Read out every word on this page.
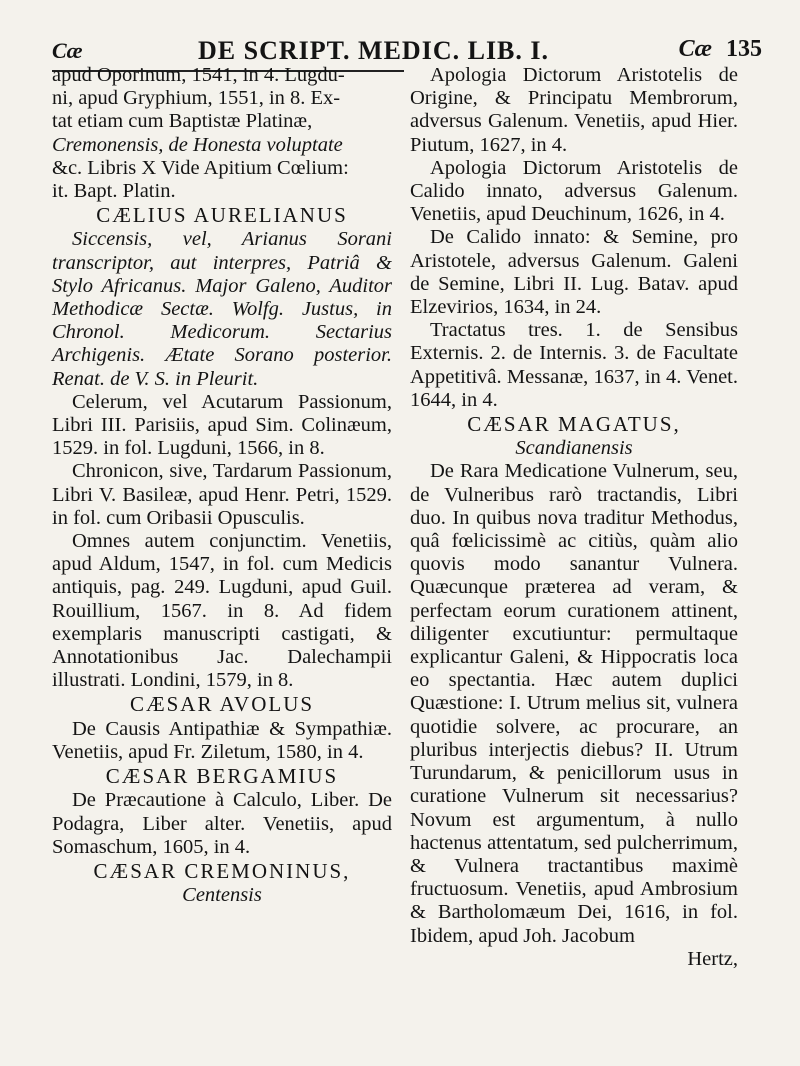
Cæ	DE SCRIPT. MEDIC. LIB. I.	Cæ 135

apud Oporinum, 1541, in 4. Lugdu-

ni, apud Gryphium, 1551, in 8. Ex-

tat etiam cum Baptistæ Platinæ,

Cremonensis, de Honesta voluptate

&c. Libris X Vide Apitium Cœlium:

it. Bapt. Platin.

CÆLIUS AURELIANUS

Siccensis, vel, Arianus Sorani transcriptor, aut interpres, Patriâ & Stylo Africanus. Major Galeno, Auditor Methodicæ Sectæ. Wolfg. Justus, in Chronol. Medicorum. Sectarius Archigenis. Ætate Sorano posterior. Renat. de V. S. in Pleurit.

Celerum, vel Acutarum Passionum, Libri III. Parisiis, apud Sim. Colinæum, 1529. in fol. Lugduni, 1566, in 8.

Chronicon, sive, Tardarum Passionum, Libri V. Basileæ, apud Henr. Petri, 1529. in fol. cum Oribasii Opusculis.

Omnes autem conjunctim. Venetiis, apud Aldum, 1547, in fol. cum Medicis antiquis, pag. 249. Lugduni, apud Guil. Rouillium, 1567. in 8. Ad fidem exemplaris manuscripti castigati, & Annotationibus Jac. Dalechampii illustrati. Londini, 1579, in 8.

CÆSAR AVOLUS

De Causis Antipathiæ & Sympathiæ. Venetiis, apud Fr. Ziletum, 1580, in 4.

CÆSAR BERGAMIUS

De Præcautione à Calculo, Liber. De Podagra, Liber alter. Venetiis, apud Somaschum, 1605, in 4.

CÆSAR CREMONINUS,
Centensis

Apologia Dictorum Aristotelis de Origine, & Principatu Membrorum, adversus Galenum. Venetiis, apud Hier. Piutum, 1627, in 4.

Apologia Dictorum Aristotelis de Calido innato, adversus Galenum. Venetiis, apud Deuchinum, 1626, in 4.

De Calido innato: & Semine, pro Aristotele, adversus Galenum. Galeni de Semine, Libri II. Lug. Batav. apud Elzevirios, 1634, in 24.

Tractatus tres. 1. de Sensibus Externis. 2. de Internis. 3. de Facultate Appetitivâ. Messanæ, 1637, in 4. Venet. 1644, in 4.

CÆSAR MAGATUS,
Scandianensis

De Rara Medicatione Vulnerum, seu, de Vulneribus rarò tractandis, Libri duo. In quibus nova traditur Methodus, quâ fœlicissimè ac citiùs, quàm alio quovis modo sanantur Vulnera. Quæcunque præterea ad veram, & perfectam eorum curationem attinent, diligenter excutiuntur: permultaque explicantur Galeni, & Hippocratis loca eo spectantia. Hæc autem duplici Quæstione: I. Utrum melius sit, vulnera quotidie solvere, ac procurare, an pluribus interjectis diebus? II. Utrum Turundarum, & penicillorum usus in curatione Vulnerum sit necessarius? Novum est argumentum, à nullo hactenus attentatum, sed pulcherrimum, & Vulnera tractantibus maximè fructuosum. Venetiis, apud Ambrosium & Bartholomæum Dei, 1616, in fol. Ibidem, apud Joh. Jacobum

Hertz,
